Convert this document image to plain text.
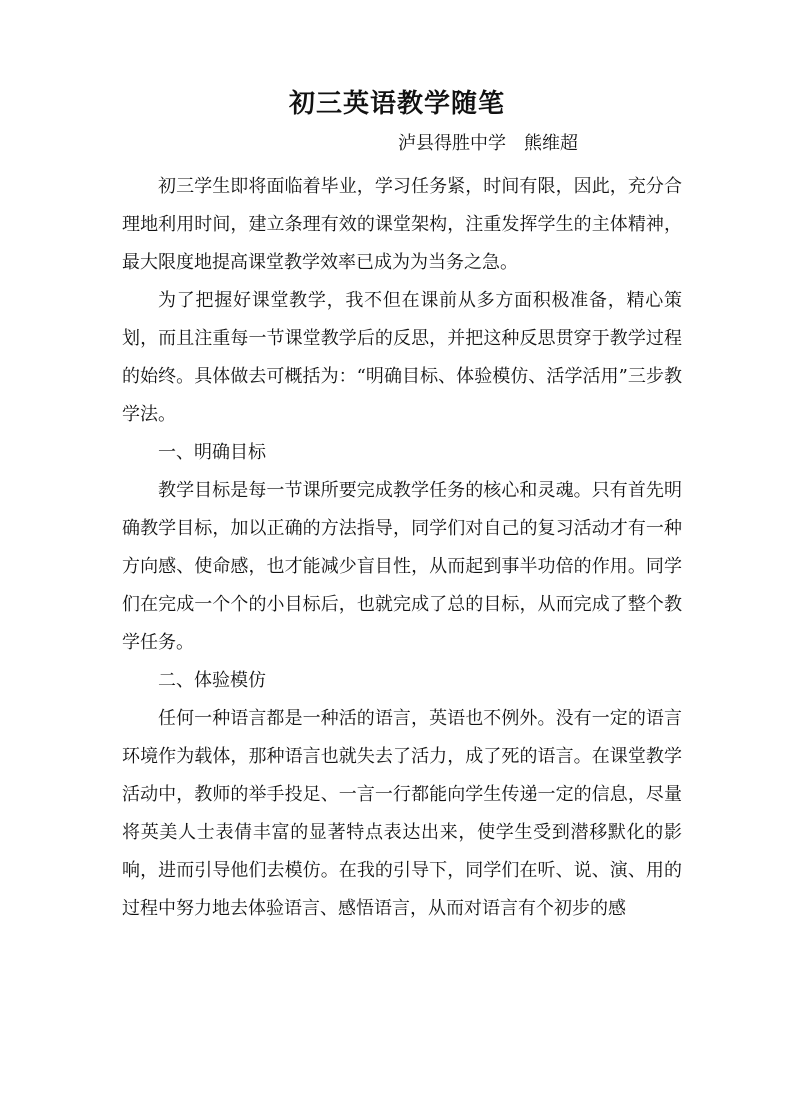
初三英语教学随笔
泸县得胜中学　熊维超

初三学生即将面临着毕业，学习任务紧，时间有限，因此，充分合理地利用时间，建立条理有效的课堂架构，注重发挥学生的主体精神，最大限度地提高课堂教学效率已成为为当务之急。

为了把握好课堂教学，我不但在课前从多方面积极准备，精心策划，而且注重每一节课堂教学后的反思，并把这种反思贯穿于教学过程的始终。具体做去可概括为：“明确目标、体验模仿、活学活用”三步教学法。

一、明确目标

教学目标是每一节课所要完成教学任务的核心和灵魂。只有首先明确教学目标，加以正确的方法指导，同学们对自己的复习活动才有一种方向感、使命感，也才能减少盲目性，从而起到事半功倍的作用。同学们在完成一个个的小目标后，也就完成了总的目标，从而完成了整个教学任务。

二、体验模仿

任何一种语言都是一种活的语言，英语也不例外。没有一定的语言环境作为载体，那种语言也就失去了活力，成了死的语言。在课堂教学活动中，教师的举手投足、一言一行都能向学生传递一定的信息，尽量将英美人士表倩丰富的显著特点表达出来，使学生受到潜移默化的影响，进而引导他们去模仿。在我的引导下，同学们在听、说、演、用的过程中努力地去体验语言、感悟语言，从而对语言有个初步的感
